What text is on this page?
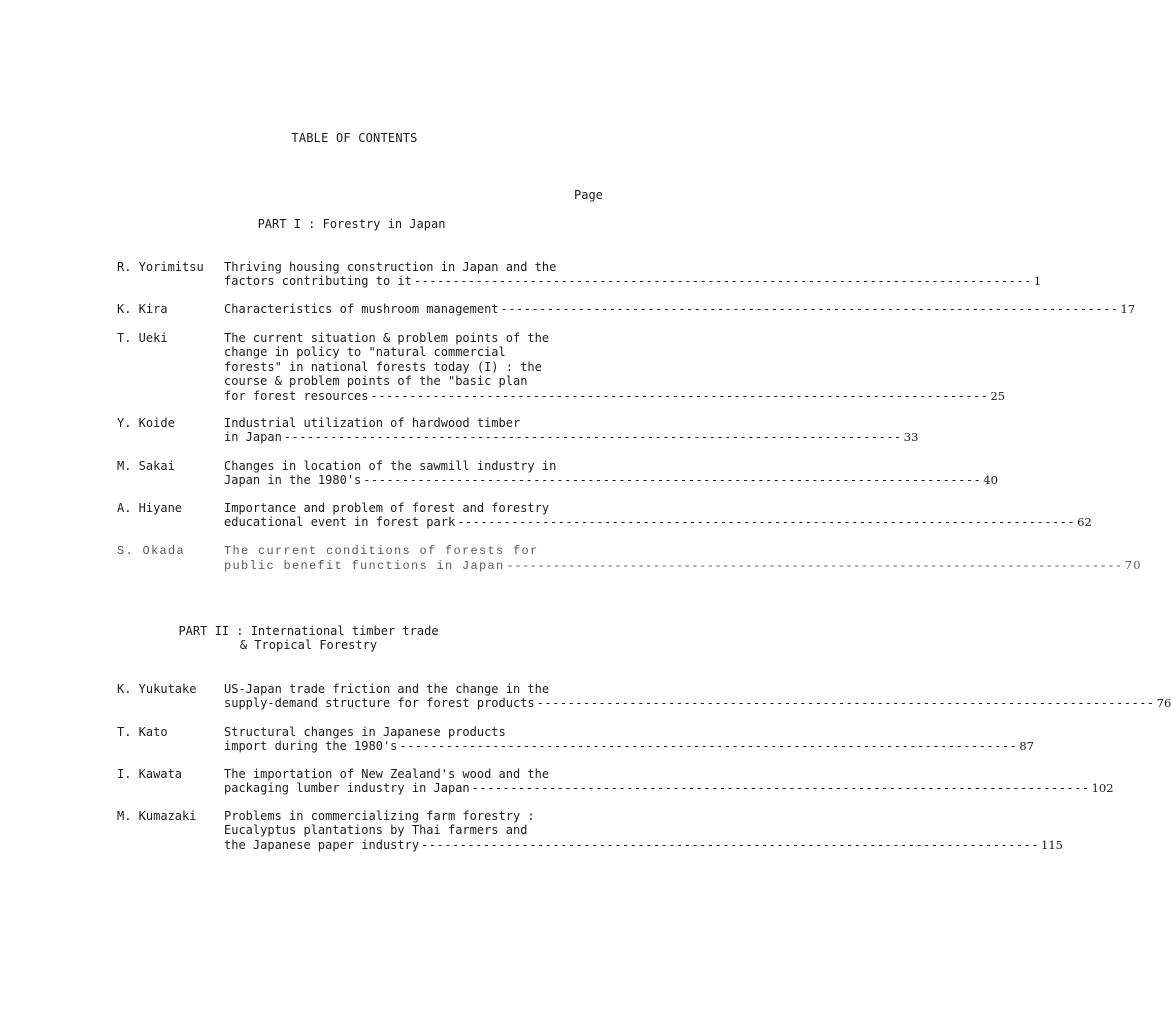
TABLE OF CONTENTS
Page
PART I : Forestry in Japan
PART II : International timber trade
& Tropical Forestry
R. Yorimitsu Thriving housing construction in Japan and the
factors contributing to it -------------------------------------------------------------------------------- 1
K. Kira	Characteristics of mushroom management -------------------------------------------------------------------------------- 17
T. Ueki	The current situation & problem points of the
change in policy to "natural commercial
forests" in national forests today (I) : the
course & problem points of the "basic plan
for forest resources -------------------------------------------------------------------------------- 25
Y. Koide	Industrial utilization of hardwood timber
in Japan -------------------------------------------------------------------------------- 33
M. Sakai	Changes in location of the sawmill industry in
Japan in the 1980's -------------------------------------------------------------------------------- 40
A. Hiyane	Importance and problem of forest and forestry
educational event in forest park -------------------------------------------------------------------------------- 62
S. Okada	The current conditions of forests for
public benefit functions in Japan -------------------------------------------------------------------------------- 70
K. Yukutake US-Japan trade friction and the change in the
supply-demand structure for forest products -------------------------------------------------------------------------------- 76
T. Kato	Structural changes in Japanese products
import during the 1980's -------------------------------------------------------------------------------- 87
I. Kawata	The importation of New Zealand's wood and the
packaging lumber industry in Japan -------------------------------------------------------------------------------- 102
M. Kumazaki Problems in commercializing farm forestry :
Eucalyptus plantations by Thai farmers and
the Japanese paper industry -------------------------------------------------------------------------------- 115
